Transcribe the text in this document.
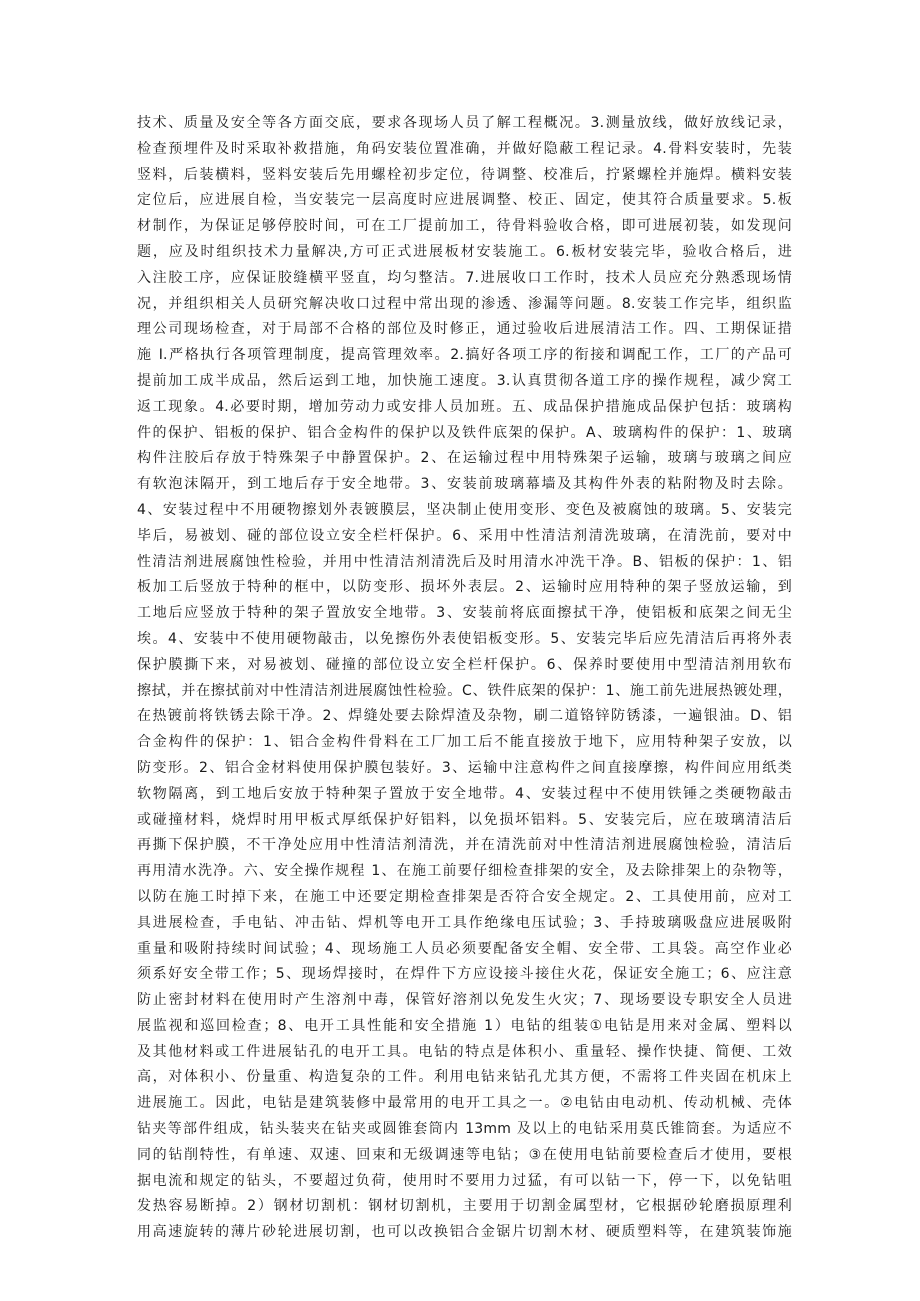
技术、质量及安全等各方面交底，要求各现场人员了解工程概况。3.测量放线，做好放线记录，
检查预埋件及时采取补救措施，角码安装位置准确，并做好隐蔽工程记录。4.骨料安装时，先装
竖料，后装横料，竖料安装后先用螺栓初步定位，待调整、校准后，拧紧螺栓并施焊。横料安装
定位后，应进展自检，当安装完一层高度时应进展调整、校正、固定，使其符合质量要求。5.板
材制作，为保证足够停胶时间，可在工厂提前加工，待骨料验收合格，即可进展初装，如发现问
题，应及时组织技术力量解决,方可正式进展板材安装施工。6.板材安装完毕，验收合格后，进
入注胶工序，应保证胶缝横平竖直，均匀整洁。7.进展收口工作时，技术人员应充分熟悉现场情
况，并组织相关人员研究解决收口过程中常出现的渗透、渗漏等问题。8.安装工作完毕，组织监
理公司现场检查，对于局部不合格的部位及时修正，通过验收后进展清洁工作。四、工期保证措
施 I.严格执行各项管理制度，提高管理效率。2.搞好各项工序的衔接和调配工作，工厂的产品可
提前加工成半成品，然后运到工地，加快施工速度。3.认真贯彻各道工序的操作规程，减少窝工
返工现象。4.必要时期，增加劳动力或安排人员加班。五、成品保护措施成品保护包括：玻璃构
件的保护、铝板的保护、铝合金构件的保护以及铁件底架的保护。A、玻璃构件的保护：1、玻璃
构件注胶后存放于特殊架子中静置保护。2、在运输过程中用特殊架子运输，玻璃与玻璃之间应
有软泡沫隔开，到工地后存于安全地带。3、安装前玻璃幕墙及其构件外表的粘附物及时去除。
4、安装过程中不用硬物擦划外表镀膜层，坚决制止使用变形、变色及被腐蚀的玻璃。5、安装完
毕后，易被划、碰的部位设立安全栏杆保护。6、采用中性清洁剂清洗玻璃，在清洗前，要对中
性清洁剂进展腐蚀性检验，并用中性清洁剂清洗后及时用清水冲洗干净。B、铝板的保护：1、铝
板加工后竖放于特种的框中，以防变形、损坏外表层。2、运输时应用特种的架子竖放运输，到
工地后应竖放于特种的架子置放安全地带。3、安装前将底面擦拭干净，使铝板和底架之间无尘
埃。4、安装中不使用硬物敲击，以免擦伤外表使铝板变形。5、安装完毕后应先清洁后再将外表
保护膜撕下来，对易被划、碰撞的部位设立安全栏杆保护。6、保养时要使用中型清洁剂用软布
擦拭，并在擦拭前对中性清洁剂进展腐蚀性检验。C、铁件底架的保护：1、施工前先进展热镀处理，
在热镀前将铁锈去除干净。2、焊缝处要去除焊渣及杂物，刷二道铬锌防锈漆，一遍银油。D、铝
合金构件的保护：1、铝合金构件骨料在工厂加工后不能直接放于地下，应用特种架子安放，以
防变形。2、铝合金材料使用保护膜包装好。3、运输中注意构件之间直接摩擦，构件间应用纸类
软物隔离，到工地后安放于特种架子置放于安全地带。4、安装过程中不使用铁锤之类硬物敲击
或碰撞材料，烧焊时用甲板式厚纸保护好铝料，以免损坏铝料。5、安装完后，应在玻璃清洁后
再撕下保护膜，不干净处应用中性清洁剂清洗，并在清洗前对中性清洁剂进展腐蚀检验，清洁后
再用清水洗净。六、安全操作规程 1、在施工前要仔细检查排架的安全，及去除排架上的杂物等，
以防在施工时掉下来，在施工中还要定期检查排架是否符合安全规定。2、工具使用前，应对工
具进展检查，手电钻、冲击钻、焊机等电开工具作绝缘电压试验；3、手持玻璃吸盘应进展吸附
重量和吸附持续时间试验；4、现场施工人员必须要配备安全帽、安全带、工具袋。高空作业必
须系好安全带工作；5、现场焊接时，在焊件下方应设接斗接住火花，保证安全施工；6、应注意
防止密封材料在使用时产生溶剂中毒，保管好溶剂以免发生火灾；7、现场要设专职安全人员进
展监视和巡回检查；8、电开工具性能和安全措施 1）电钻的组装①电钻是用来对金属、塑料以
及其他材料或工件进展钻孔的电开工具。电钻的特点是体积小、重量轻、操作快捷、简便、工效
高，对体积小、份量重、构造复杂的工件。利用电钻来钻孔尤其方便，不需将工件夹固在机床上
进展施工。因此，电钻是建筑装修中最常用的电开工具之一。②电钻由电动机、传动机械、壳体
钻夹等部件组成，钻头装夹在钻夹或圆锥套筒内 13mm 及以上的电钻采用莫氏锥筒套。为适应不
同的钻削特性，有单速、双速、回束和无级调速等电钻；③在使用电钻前要检查后才使用，要根
据电流和规定的钻头，不要超过负荷，使用时不要用力过猛，有可以钻一下，停一下，以免钻咀
发热容易断掉。2）钢材切割机：钢材切割机，主要用于切割金属型材，它根据砂轮磨损原理利
用高速旋转的薄片砂轮进展切割，也可以改换铝合金锯片切割木材、硬质塑料等，在建筑装饰施
